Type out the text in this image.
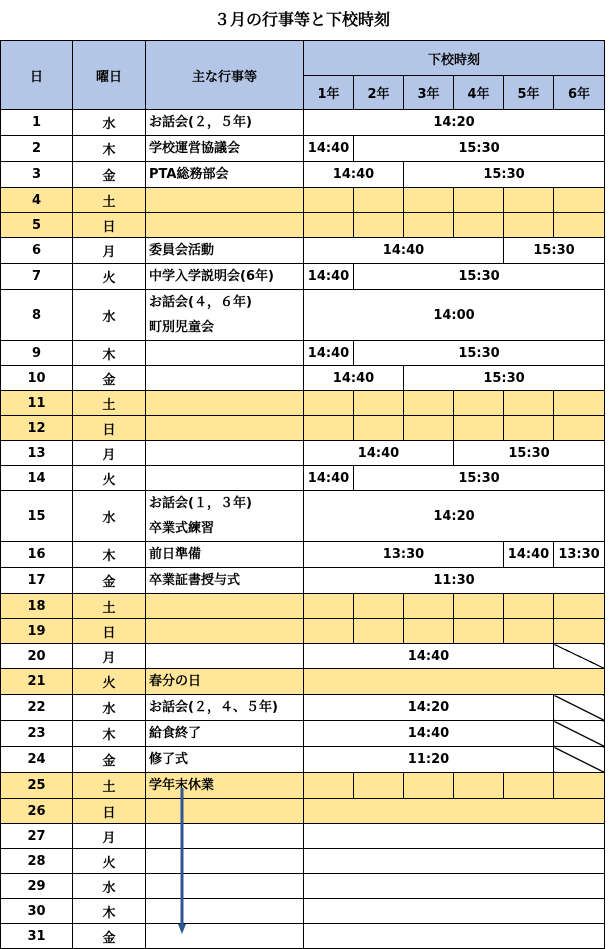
３月の行事等と下校時刻
日	曜日	主な行事等	下校時刻					
			1年	2年	3年	4年	5年	6年
1	水	お話会(２，５年)	14:20					
2	木	学校運営協議会	14:40	15:30				
3	金	PTA総務部会	14:40		15:30			
4	土							
5	日							
6	月	委員会活動	14:40				15:30	
7	火	中学入学説明会(6年)	14:40	15:30				
8	水	お話会(４，６年)
町別児童会	14:00					
9	木		14:40	15:30				
10	金		14:40		15:30			
11	土							
12	日							
13	月		14:40			15:30		
14	火		14:40	15:30				
15	水	お話会(１，３年)
卒業式練習	14:20					
16	木	前日準備	13:30				14:40	13:30
17	金	卒業証書授与式	11:30					
18	土							
19	日							
20	月		14:40					
21	火	春分の日						

22	水	お話会(２，４、５年)	14:20					
23	木	給食終了	14:40					
24	金	修了式	11:20					
25	土	学年末休業						

26	日							
27	月							
28	火							
29	水							
30	木							
31	金							
